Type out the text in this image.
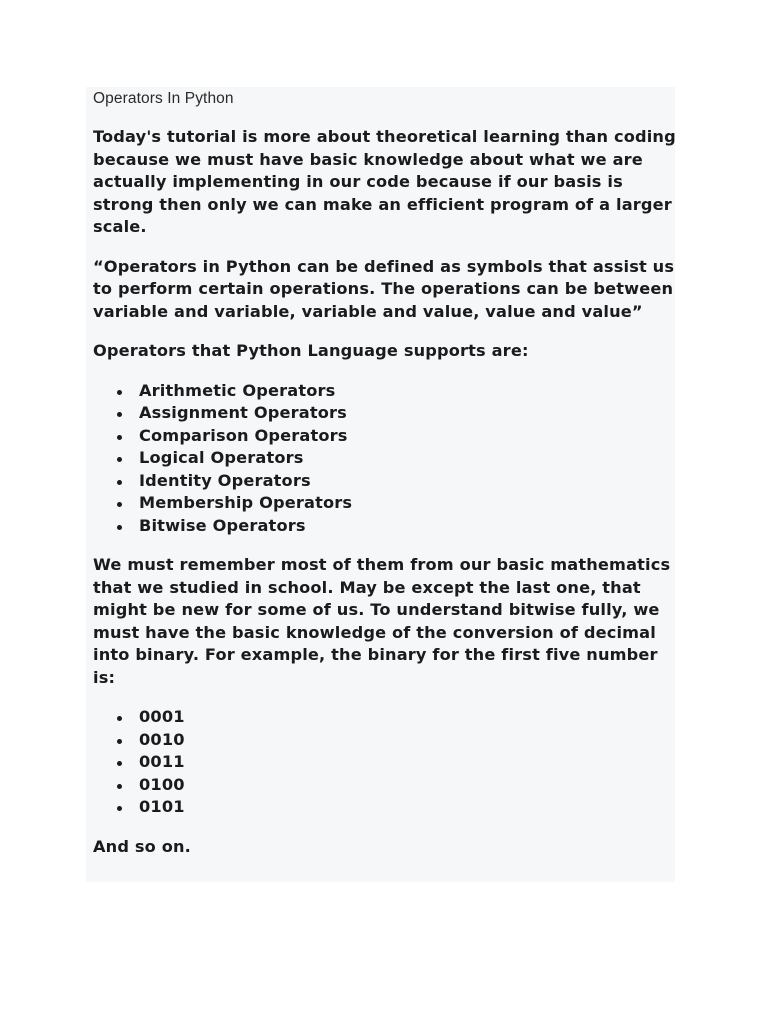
Operators In Python

Today's tutorial is more about theoretical learning than coding because we must have basic knowledge about what we are actually implementing in our code because if our basis is strong then only we can make an efficient program of a larger scale.

“Operators in Python can be defined as symbols that assist us to perform certain operations. The operations can be between variable and variable, variable and value, value and value”

Operators that Python Language supports are:

Arithmetic Operators
Assignment Operators
Comparison Operators
Logical Operators
Identity Operators
Membership Operators
Bitwise Operators

We must remember most of them from our basic mathematics that we studied in school. May be except the last one, that might be new for some of us. To understand bitwise fully, we must have the basic knowledge of the conversion of decimal into binary. For example, the binary for the first five number is:

0001
0010
0011
0100
0101

And so on.
